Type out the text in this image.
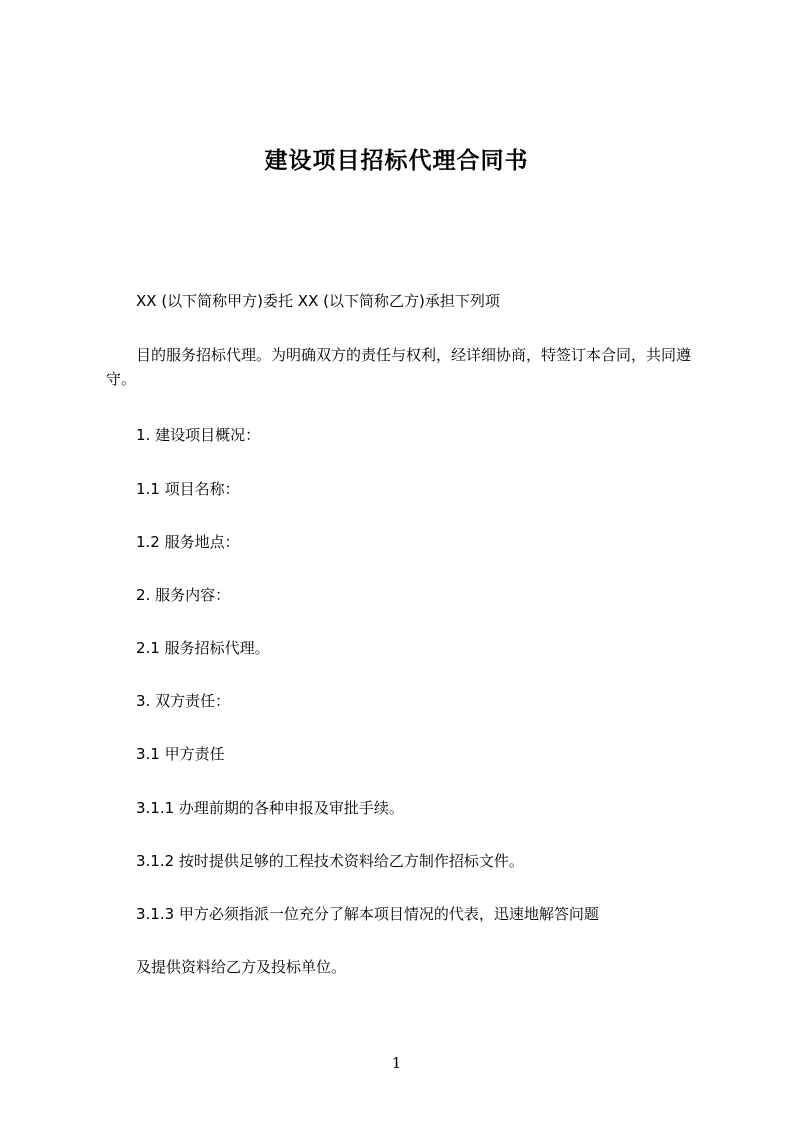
建设项目招标代理合同书
XX (以下简称甲方)委托 XX (以下简称乙方)承担下列项
目的服务招标代理。为明确双方的责任与权利，经详细协商，特签订本合同，共同遵守。
1. 建设项目概况：
1.1 项目名称：
1.2 服务地点：
2. 服务内容：
2.1 服务招标代理。
3. 双方责任：
3.1 甲方责任
3.1.1 办理前期的各种申报及审批手续。
3.1.2 按时提供足够的工程技术资料给乙方制作招标文件。
3.1.3 甲方必须指派一位充分了解本项目情况的代表，迅速地解答问题
及提供资料给乙方及投标单位。
1
